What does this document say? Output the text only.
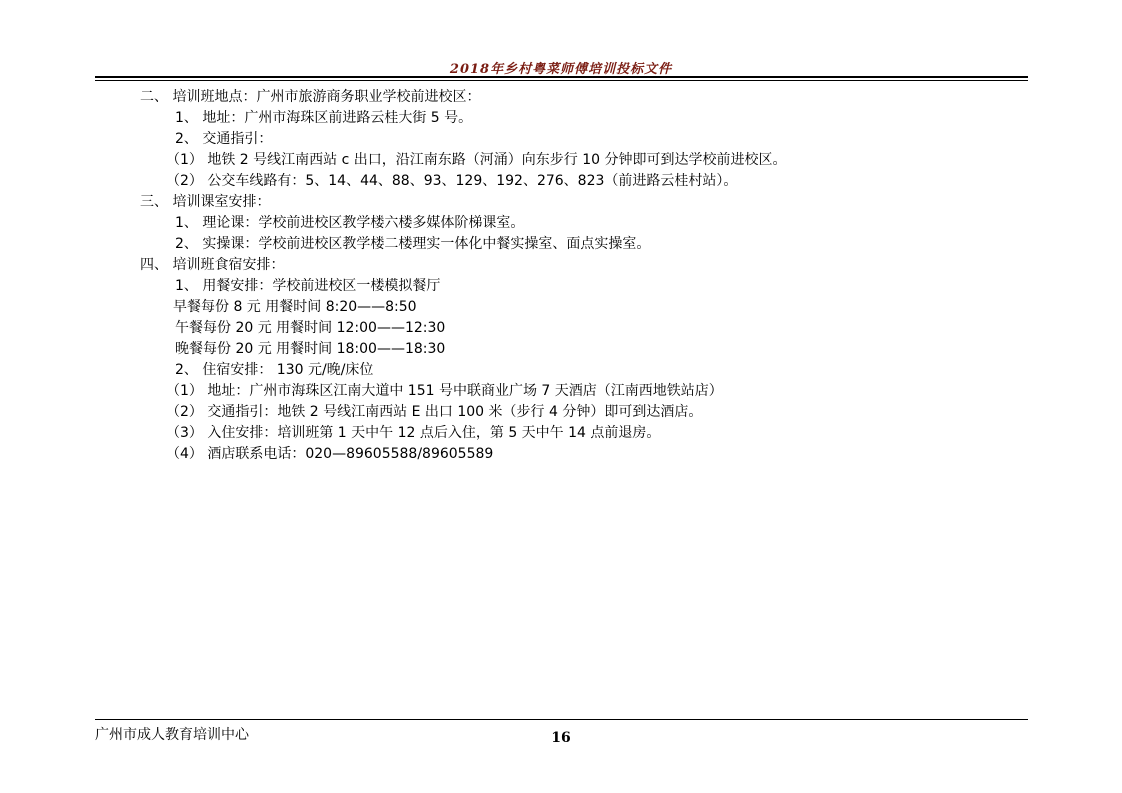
2018年乡村粤菜师傅培训投标文件
二、 培训班地点：广州市旅游商务职业学校前进校区：
1、 地址：广州市海珠区前进路云桂大街 5 号。
2、 交通指引：
（1） 地铁 2 号线江南西站 c 出口，沿江南东路（河涌）向东步行 10 分钟即可到达学校前进校区。
（2） 公交车线路有：5、14、44、88、93、129、192、276、823（前进路云桂村站）。
三、 培训课室安排：
1、 理论课：学校前进校区教学楼六楼多媒体阶梯课室。
2、 实操课：学校前进校区教学楼二楼理实一体化中餐实操室、面点实操室。
四、 培训班食宿安排：
1、 用餐安排：学校前进校区一楼模拟餐厅
早餐每份 8 元 用餐时间 8:20——8:50
午餐每份 20 元 用餐时间 12:00——12:30
晚餐每份 20 元 用餐时间 18:00——18:30
2、 住宿安排： 130 元/晚/床位
（1） 地址：广州市海珠区江南大道中 151 号中联商业广场 7 天酒店（江南西地铁站店）
（2） 交通指引：地铁 2 号线江南西站 E 出口 100 米（步行 4 分钟）即可到达酒店。
（3） 入住安排：培训班第 1 天中午 12 点后入住，第 5 天中午 14 点前退房。
（4） 酒店联系电话：020—89605588/89605589
广州市成人教育培训中心	16
